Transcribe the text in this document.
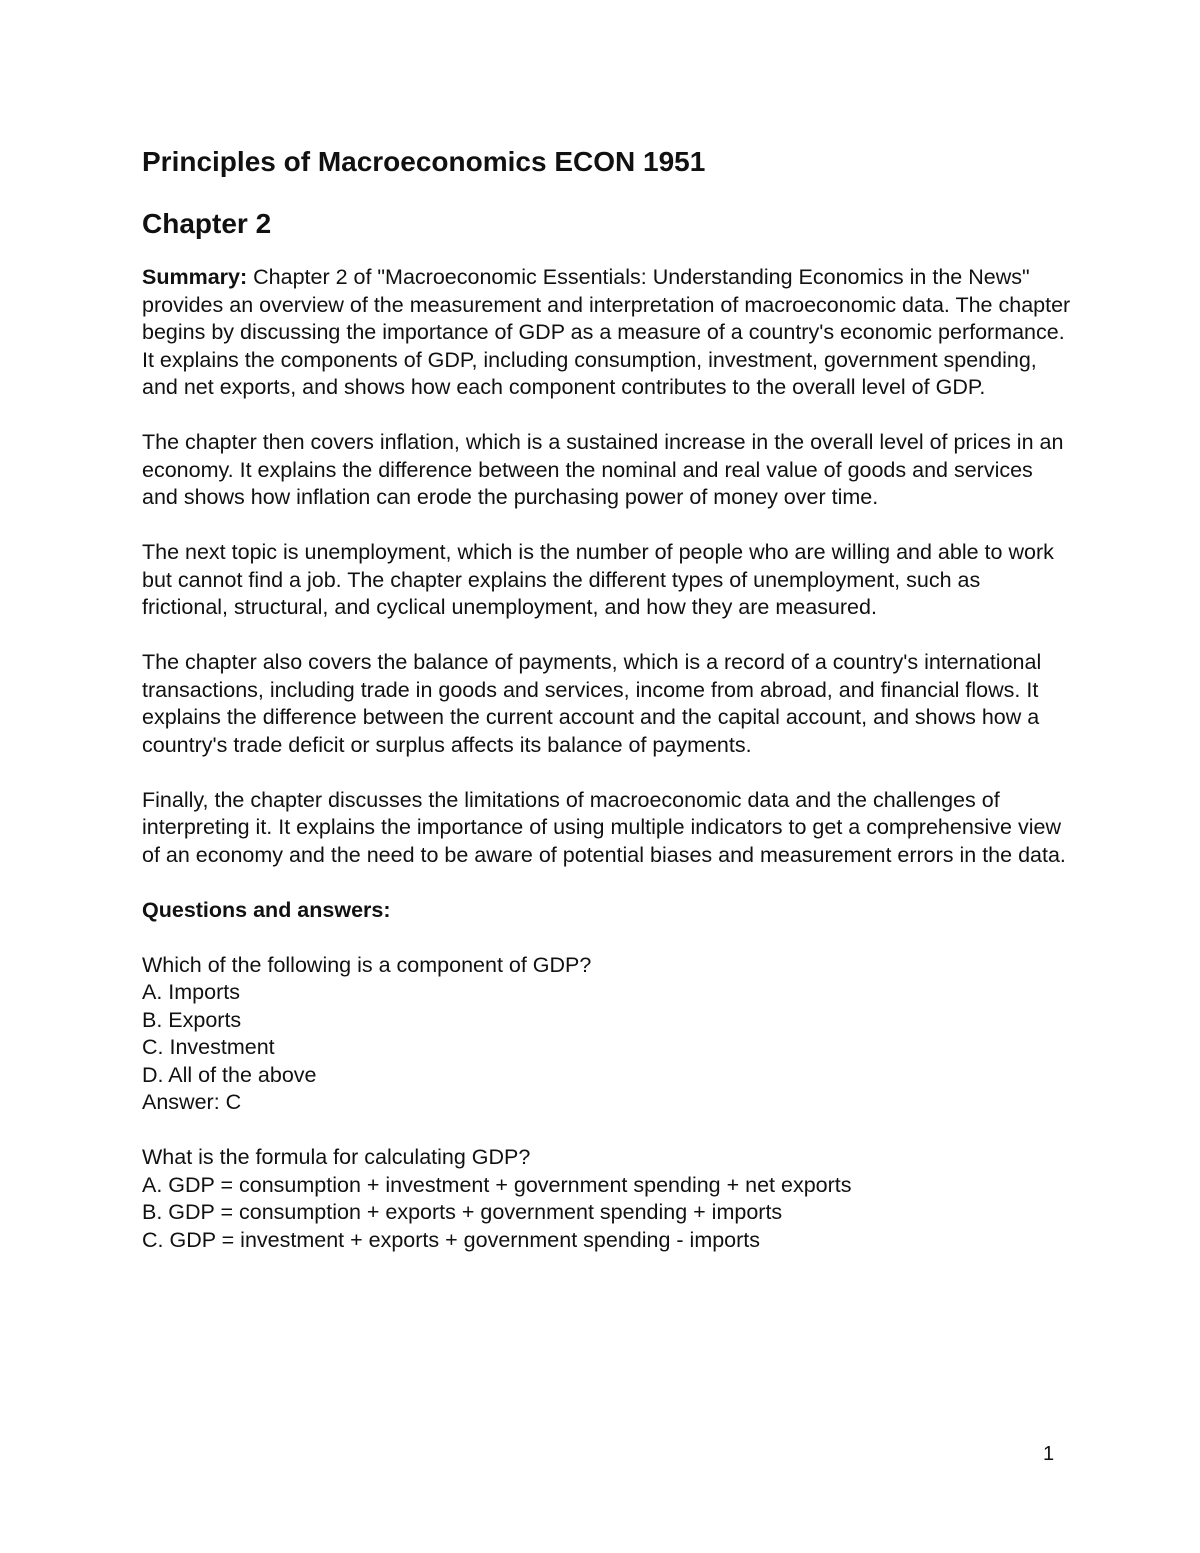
Principles of Macroeconomics ECON 1951
Chapter 2

Summary: Chapter 2 of "Macroeconomic Essentials: Understanding Economics in the News" provides an overview of the measurement and interpretation of macroeconomic data. The chapter begins by discussing the importance of GDP as a measure of a country's economic performance. It explains the components of GDP, including consumption, investment, government spending, and net exports, and shows how each component contributes to the overall level of GDP.

The chapter then covers inflation, which is a sustained increase in the overall level of prices in an economy. It explains the difference between the nominal and real value of goods and services and shows how inflation can erode the purchasing power of money over time.

The next topic is unemployment, which is the number of people who are willing and able to work but cannot find a job. The chapter explains the different types of unemployment, such as frictional, structural, and cyclical unemployment, and how they are measured.

The chapter also covers the balance of payments, which is a record of a country's international transactions, including trade in goods and services, income from abroad, and financial flows. It explains the difference between the current account and the capital account, and shows how a country's trade deficit or surplus affects its balance of payments.

Finally, the chapter discusses the limitations of macroeconomic data and the challenges of interpreting it. It explains the importance of using multiple indicators to get a comprehensive view of an economy and the need to be aware of potential biases and measurement errors in the data.

Questions and answers:

Which of the following is a component of GDP?

A. Imports

B. Exports

C. Investment

D. All of the above

Answer: C

What is the formula for calculating GDP?

A. GDP = consumption + investment + government spending + net exports

B. GDP = consumption + exports + government spending + imports

C. GDP = investment + exports + government spending - imports

1
